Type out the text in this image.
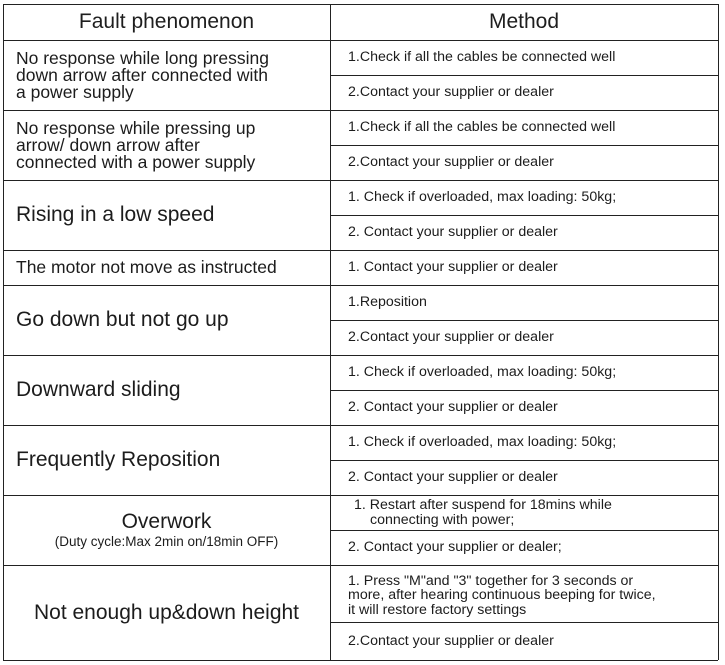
Fault phenomenon	Method
No response while long pressing
down arrow after connected with
a power supply
1.Check if all the cables be connected well
2.Contact your supplier or dealer
No response while pressing up
arrow/ down arrow after
connected with a power supply
1.Check if all the cables be connected well
2.Contact your supplier or dealer
Rising in a low speed
1. Check if overloaded, max loading: 50kg;
2. Contact your supplier or dealer
The motor not move as instructed	1. Contact your supplier or dealer
Go down but not go up
1.Reposition
2.Contact your supplier or dealer
Downward sliding
1. Check if overloaded, max loading: 50kg;
2. Contact your supplier or dealer
Frequently Reposition
1. Check if overloaded, max loading: 50kg;
2. Contact your supplier or dealer
Overwork
(Duty cycle:Max 2min on/18min OFF)
1. Restart after suspend for 18mins while
connecting with power;
2. Contact your supplier or dealer;
Not enough up&down height
1. Press "M"and "3" together for 3 seconds or
more, after hearing continuous beeping for twice,
it will restore factory settings
2.Contact your supplier or dealer
